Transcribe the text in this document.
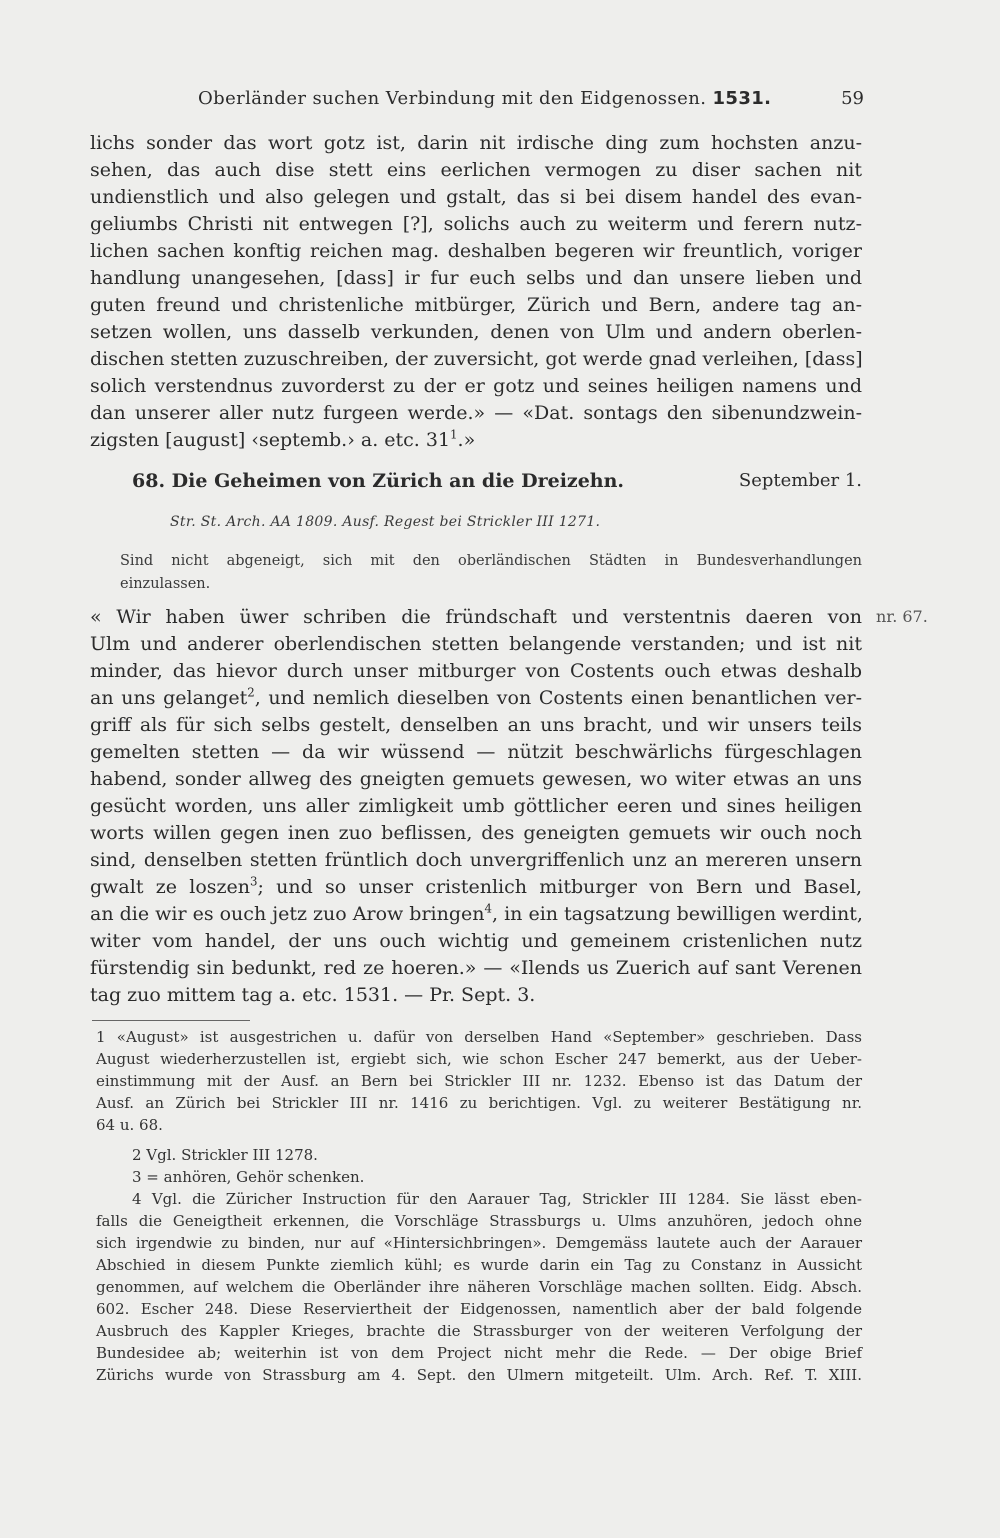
Oberländer suchen Verbindung mit den Eidgenossen. 1531.	59
lichs sonder das wort gotz ist, darin nit irdische ding zum hochsten anzu-
sehen, das auch dise stett eins eerlichen vermogen zu diser sachen nit
undienstlich und also gelegen und gstalt, das si bei disem handel des evan-
geliumbs Christi nit entwegen [?], solichs auch zu weiterm und ferern nutz-
lichen sachen konftig reichen mag. deshalben begeren wir freuntlich, voriger
handlung unangesehen, [dass] ir fur euch selbs und dan unsere lieben und
guten freund und christenliche mitbürger, Zürich und Bern, andere tag an-
setzen wollen, uns dasselb verkunden, denen von Ulm und andern oberlen-
dischen stetten zuzuschreiben, der zuversicht, got werde gnad verleihen, [dass]
solich verstendnus zuvorderst zu der er gotz und seines heiligen namens und
dan unserer aller nutz furgeen werde.» — «Dat. sontags den sibenundzwein-
zigsten [august] ‹septemb.› a. etc. $31^1$.»
68. Die Geheimen von Zürich an die Dreizehn.	September 1.
Str. St. Arch. AA 1809. Ausf. Regest bei Strickler III 1271.
Sind nicht abgeneigt, sich mit den oberländischen Städten in Bundesverhandlungen
einzulassen.
nr. 67.
« Wir haben üwer schriben die fründschaft und verstentnis daeren von
Ulm und anderer oberlendischen stetten belangende verstanden; und ist nit
minder, das hievor durch unser mitburger von Costents ouch etwas deshalb
an uns gelanget$^2$, und nemlich dieselben von Costents einen benantlichen ver-
griff als für sich selbs gestelt, denselben an uns bracht, und wir unsers teils
gemelten stetten — da wir wüssend — nützit beschwärlichs fürgeschlagen
habend, sonder allweg des gneigten gemuets gewesen, wo witer etwas an uns
gesücht worden, uns aller zimligkeit umb göttlicher eeren und sines heiligen
worts willen gegen inen zuo beflissen, des geneigten gemuets wir ouch noch
sind, denselben stetten früntlich doch unvergriffenlich unz an mereren unsern
gwalt ze loszen$^3$; und so unser cristenlich mitburger von Bern und Basel,
an die wir es ouch jetz zuo Arow bringen$^4$, in ein tagsatzung bewilligen werdint,
witer vom handel, der uns ouch wichtig und gemeinem cristenlichen nutz
fürstendig sin bedunkt, red ze hoeren.» — «Ilends us Zuerich auf sant Verenen
tag zuo mittem tag a. etc. 1531. — Pr. Sept. 3.
1 «August» ist ausgestrichen u. dafür von derselben Hand «September» geschrieben. Dass
August wiederherzustellen ist, ergiebt sich, wie schon Escher 247 bemerkt, aus der Ueber-
einstimmung mit der Ausf. an Bern bei Strickler III nr. 1232. Ebenso ist das Datum der
Ausf. an Zürich bei Strickler III nr. 1416 zu berichtigen. Vgl. zu weiterer Bestätigung nr.
64 u. 68.
2 Vgl. Strickler III 1278.
3 = anhören, Gehör schenken.
4 Vgl. die Züricher Instruction für den Aarauer Tag, Strickler III 1284. Sie lässt eben-
falls die Geneigtheit erkennen, die Vorschläge Strassburgs u. Ulms anzuhören, jedoch ohne
sich irgendwie zu binden, nur auf «Hintersichbringen». Demgemäss lautete auch der Aarauer
Abschied in diesem Punkte ziemlich kühl; es wurde darin ein Tag zu Constanz in Aussicht
genommen, auf welchem die Oberländer ihre näheren Vorschläge machen sollten. Eidg. Absch.
602. Escher 248. Diese Reserviertheit der Eidgenossen, namentlich aber der bald folgende
Ausbruch des Kappler Krieges, brachte die Strassburger von der weiteren Verfolgung der
Bundesidee ab; weiterhin ist von dem Project nicht mehr die Rede. — Der obige Brief
Zürichs wurde von Strassburg am 4. Sept. den Ulmern mitgeteilt. Ulm. Arch. Ref. T. XIII.
